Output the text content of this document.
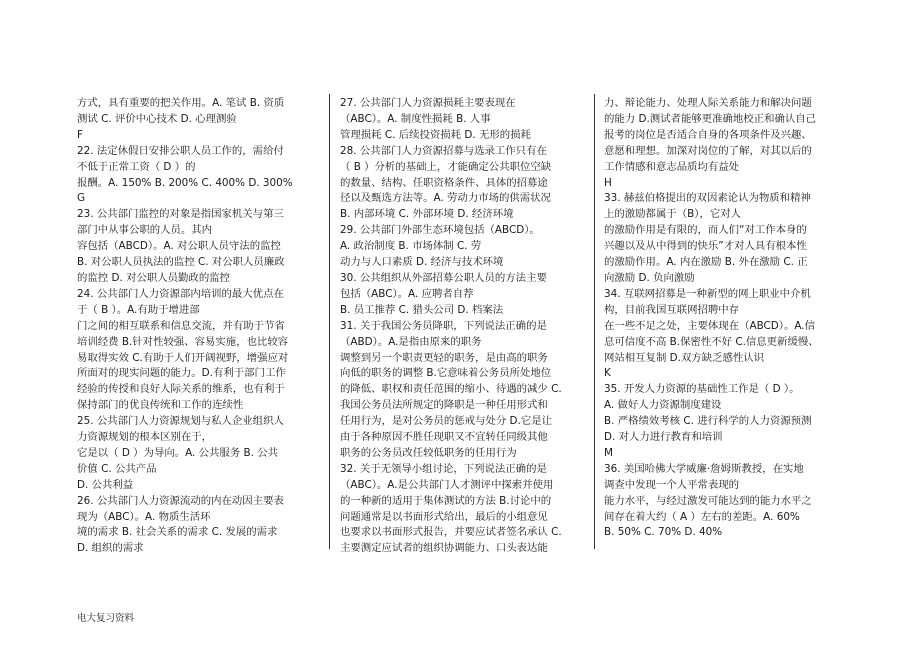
方式，具有重要的把关作用。A. 笔试 B. 资质
测试 C. 评价中心技术 D. 心理测验
F
22. 法定休假日安排公职人员工作的，需给付
不低于正常工资（ D ）的
报酬。A. 150% B. 200% C. 400% D. 300%
G
23. 公共部门监控的对象是指国家机关与第三
部门中从事公职的人员。其内
容包括（ABCD）。A. 对公职人员守法的监控
B. 对公职人员执法的监控 C. 对公职人员廉政
的监控 D. 对公职人员勤政的监控
24. 公共部门人力资源部内培训的最大优点在
于（ B ）。A.有助于增进部
门之间的相互联系和信息交流，并有助于节省
培训经费 B.针对性较强、容易实施，也比较容
易取得实效 C.有助于人们开阔视野，增强应对
所面对的现实问题的能力。D.有利于部门工作
经验的传授和良好人际关系的维系，也有利于
保持部门的优良传统和工作的连续性
25. 公共部门人力资源规划与私人企业组织人
力资源规划的根本区别在于，
它是以（ D ）为导向。A. 公共服务 B. 公共
价值 C. 公共产品
D. 公共利益
26. 公共部门人力资源流动的内在动因主要表
现为（ABC）。A. 物质生活环
境的需求 B. 社会关系的需求 C. 发展的需求
D. 组织的需求
27. 公共部门人力资源损耗主要表现在
（ABC）。A. 制度性损耗 B. 人事
管理损耗 C. 后续投资损耗 D. 无形的损耗
28. 公共部门人力资源招募与选录工作只有在
（ B ）分析的基础上，才能确定公共职位空缺
的数量、结构、任职资格条件、具体的招募途
径以及甄选方法等。A. 劳动力市场的供需状况
B. 内部环境 C. 外部环境 D. 经济环境
29. 公共部门外部生态环境包括（ABCD）。
A. 政治制度 B. 市场体制 C. 劳
动力与人口素质 D. 经济与技术环境
30. 公共组织从外部招募公职人员的方法主要
包括（ABC）。A. 应聘者自荐
B. 员工推荐 C. 猎头公司 D. 档案法
31. 关于我国公务员降职，下列说法正确的是
（ABD）。A.是指由原来的职务
调整到另一个职责更轻的职务，是由高的职务
向低的职务的调整 B.它意味着公务员所处地位
的降低、职权和责任范围的缩小、待遇的减少 C.
我国公务员法所规定的降职是一种任用形式和
任用行为，是对公务员的惩戒与处分 D.它是让
由于各种原因不胜任现职又不宜转任同级其他
职务的公务员改任较低职务的任用行为
32. 关于无领导小组讨论，下列说法正确的是
（ABC）。A.是公共部门人才测评中探索并使用
的一种新的适用于集体测试的方法 B.讨论中的
问题通常是以书面形式给出，最后的小组意见
也要求以书面形式报告，并要应试者签名承认 C.
主要测定应试者的组织协调能力、口头表达能
力、辩论能力、处理人际关系能力和解决问题
的能力 D.测试者能够更准确地校正和确认自己
报考的岗位是否适合自身的各项条件及兴趣、
意愿和理想。加深对岗位的了解，对其以后的
工作情感和意志品质均有益处
H
33. 赫兹伯格提出的双因素论认为物质和精神
上的激励都属于（B），它对人
的激励作用是有限的，而人们“对工作本身的
兴趣以及从中得到的快乐”才对人具有根本性
的激励作用。A. 内在激励 B. 外在激励 C. 正
向激励 D. 负向激励
34. 互联网招募是一种新型的网上职业中介机
构，目前我国互联网招聘中存
在一些不足之处，主要体现在（ABCD）。A.信
息可信度不高 B.保密性不好 C.信息更新缓慢、
网站相互复制 D.双方缺乏感性认识
K
35. 开发人力资源的基础性工作是（ D ）。
A. 做好人力资源制度建设
B. 严格绩效考核 C. 进行科学的人力资源预测
D. 对人力进行教育和培训
M
36. 美国哈佛大学威廉·詹姆斯教授，在实地
调查中发现一个人平常表现的
能力水平，与经过激发可能达到的能力水平之
间存在着大约（ A ）左右的差距。A. 60%
B. 50% C. 70% D. 40%
电大复习资料
